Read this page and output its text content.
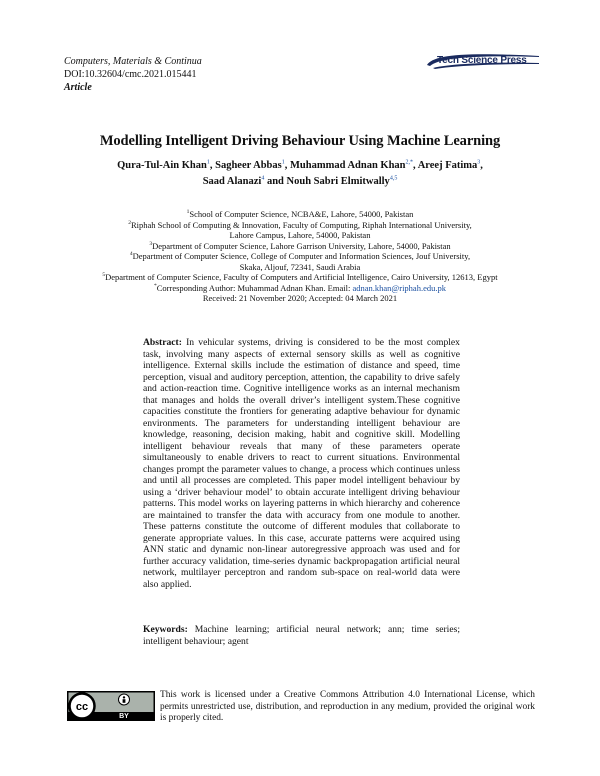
Computers, Materials & Continua
DOI:10.32604/cmc.2021.015441
Article
Tech Science Press
Modelling Intelligent Driving Behaviour Using Machine Learning
Qura-Tul-Ain Khan$^1$, Sagheer Abbas$^1$, Muhammad Adnan Khan$^{2,*}$, Areej Fatima$^3$,
Saad Alanazi$^4$ and Nouh Sabri Elmitwally$^{4,5}$
$^1$School of Computer Science, NCBA&E, Lahore, 54000, Pakistan
$^2$Riphah School of Computing & Innovation, Faculty of Computing, Riphah International University,
Lahore Campus, Lahore, 54000, Pakistan
$^3$Department of Computer Science, Lahore Garrison University, Lahore, 54000, Pakistan
$^4$Department of Computer Science, College of Computer and Information Sciences, Jouf University,
Skaka, Aljouf, 72341, Saudi Arabia
$^5$Department of Computer Science, Faculty of Computers and Artificial Intelligence, Cairo University, 12613, Egypt
*Corresponding Author: Muhammad Adnan Khan. Email: adnan.khan@riphah.edu.pk
Received: 21 November 2020; Accepted: 04 March 2021
Abstract: In vehicular systems, driving is considered to be the most complex task, involving many aspects of external sensory skills as well as cognitive intelligence. External skills include the estimation of distance and speed, time perception, visual and auditory perception, attention, the capability to drive safely and action-reaction time. Cognitive intelligence works as an internal mechanism that manages and holds the overall driver’s intelligent system.These cognitive capacities constitute the frontiers for generating adaptive behaviour for dynamic environments. The parameters for understanding intelligent behaviour are knowledge, reasoning, decision making, habit and cognitive skill. Modelling intelligent behaviour reveals that many of these parameters operate simultaneously to enable drivers to react to current situations. Environmental changes prompt the parameter values to change, a process which continues unless and until all processes are completed. This paper model intelligent behaviour by using a ‘driver behaviour model’ to obtain accurate intelligent driving behaviour patterns. This model works on layering patterns in which hierarchy and coherence are maintained to transfer the data with accuracy from one module to another. These patterns constitute the outcome of different modules that collaborate to generate appropriate values. In this case, accurate patterns were acquired using ANN static and dynamic non-linear autoregressive approach was used and for further accuracy validation, time-series dynamic backpropagation artificial neural network, multilayer perceptron and random sub-space on real-world data were also applied.
Keywords: Machine learning; artificial neural network; ann; time series; intelligent behaviour; agent
cc
BY
This work is licensed under a Creative Commons Attribution 4.0 International License, which permits unrestricted use, distribution, and reproduction in any medium, provided the original work is properly cited.
